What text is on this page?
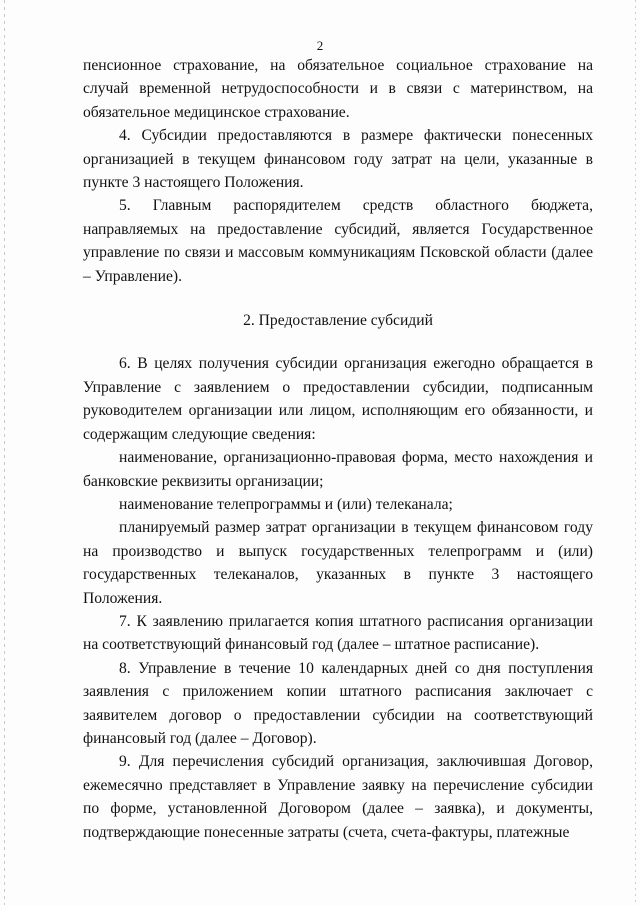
2

пенсионное страхование, на обязательное социальное страхование на случай временной нетрудоспособности и в связи с материнством, на обязательное медицинское страхование.

4. Субсидии предоставляются в размере фактически понесенных организацией в текущем финансовом году затрат на цели, указанные в пункте 3 настоящего Положения.

5. Главным распорядителем средств областного бюджета, направляемых на предоставление субсидий, является Государственное управление по связи и массовым коммуникациям Псковской области (далее – Управление).

2. Предоставление субсидий

6. В целях получения субсидии организация ежегодно обращается в Управление с заявлением о предоставлении субсидии, подписанным руководителем организации или лицом, исполняющим его обязанности, и содержащим следующие сведения:

наименование, организационно-правовая форма, место нахождения и банковские реквизиты организации;

наименование телепрограммы и (или) телеканала;

планируемый размер затрат организации в текущем финансовом году на производство и выпуск государственных телепрограмм и (или) государственных телеканалов, указанных в пункте 3 настоящего Положения.

7. К заявлению прилагается копия штатного расписания организации на соответствующий финансовый год (далее – штатное расписание).

8. Управление в течение 10 календарных дней со дня поступления заявления с приложением копии штатного расписания заключает с заявителем договор о предоставлении субсидии на соответствующий финансовый год (далее – Договор).

9. Для перечисления субсидий организация, заключившая Договор, ежемесячно представляет в Управление заявку на перечисление субсидии по форме, установленной Договором (далее – заявка), и документы, подтверждающие понесенные затраты (счета, счета-фактуры, платежные
